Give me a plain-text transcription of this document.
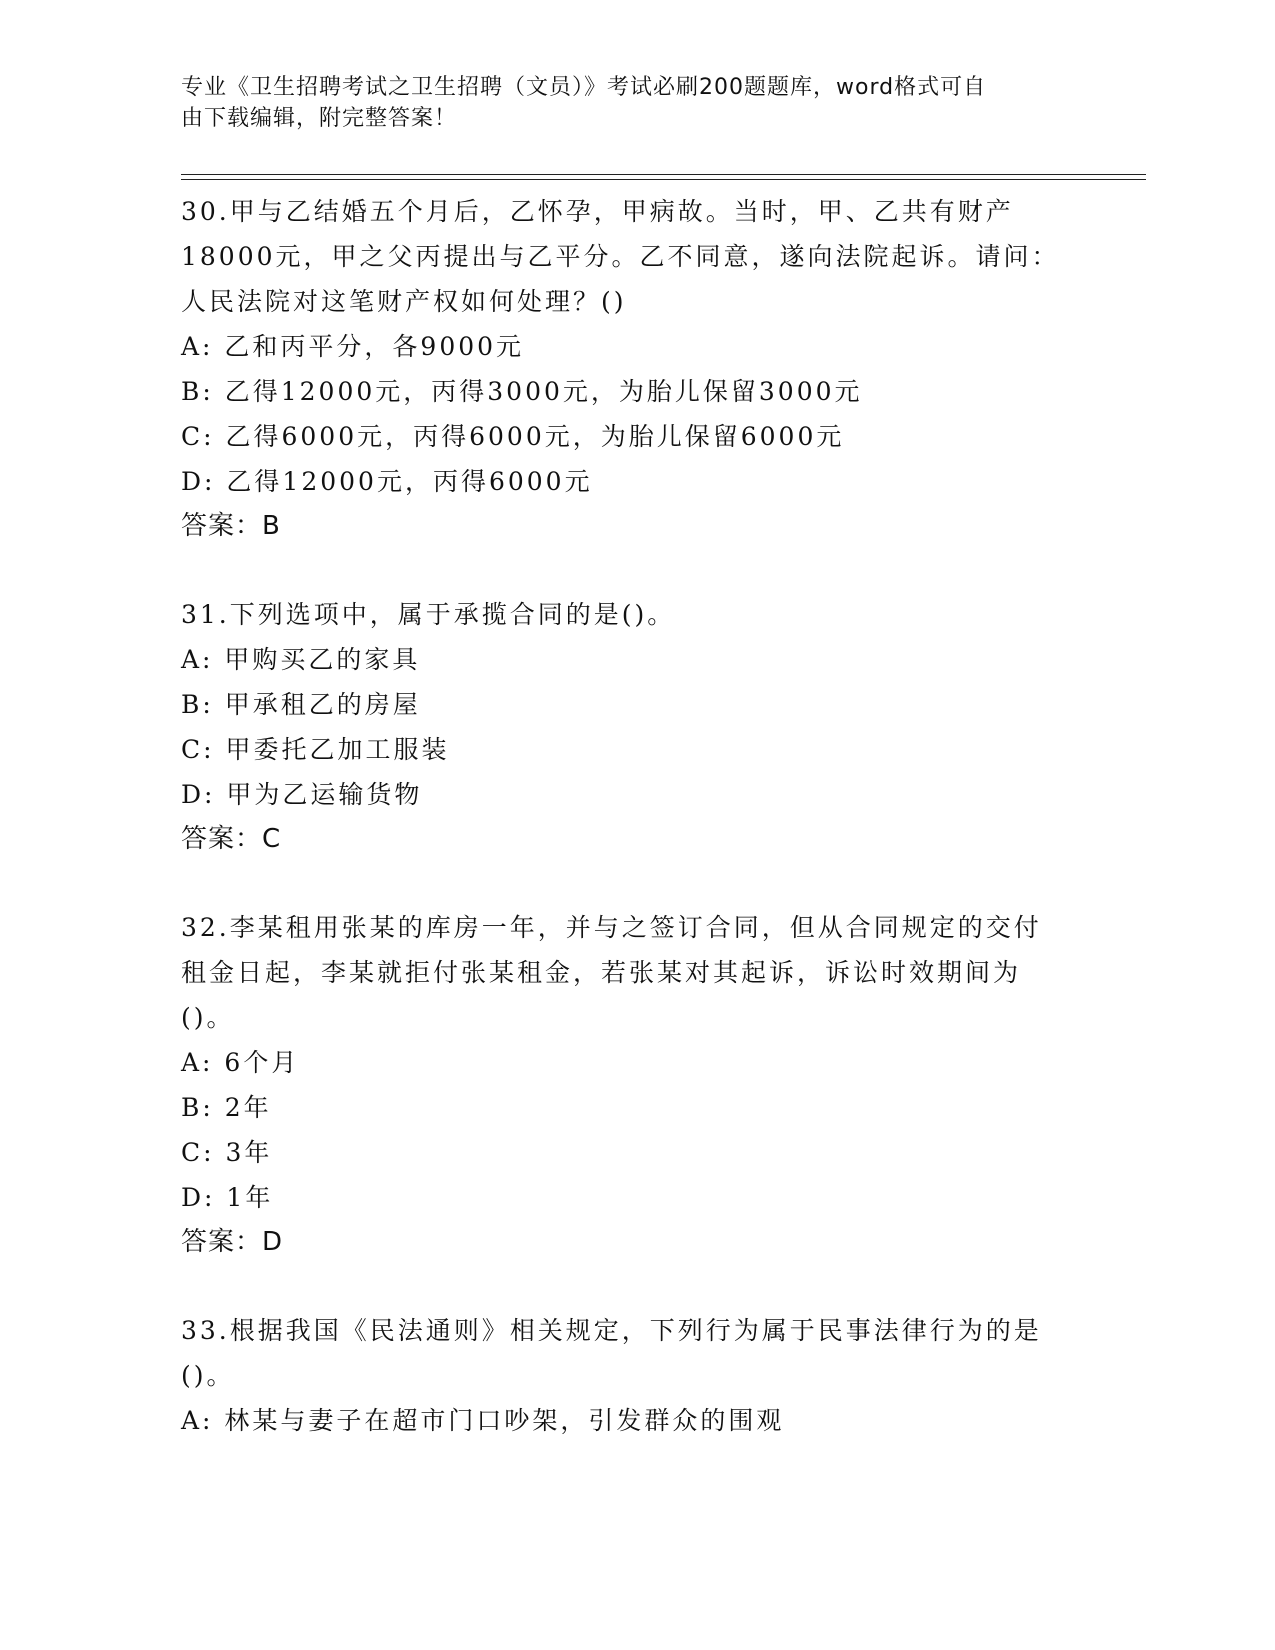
专业《卫生招聘考试之卫生招聘（文员）》考试必刷200题题库，word格式可自
由下载编辑，附完整答案！
30.甲与乙结婚五个月后，乙怀孕，甲病故。当时，甲、乙共有财产
18000元，甲之父丙提出与乙平分。乙不同意，遂向法院起诉。请问：
人民法院对这笔财产权如何处理？()
A: 乙和丙平分，各9000元
B: 乙得12000元，丙得3000元，为胎儿保留3000元
C: 乙得6000元，丙得6000元，为胎儿保留6000元
D: 乙得12000元，丙得6000元
答案：B
31.下列选项中，属于承揽合同的是()。
A: 甲购买乙的家具
B: 甲承租乙的房屋
C: 甲委托乙加工服装
D: 甲为乙运输货物
答案：C
32.李某租用张某的库房一年，并与之签订合同，但从合同规定的交付
租金日起，李某就拒付张某租金，若张某对其起诉，诉讼时效期间为
()。
A: 6个月
B: 2年
C: 3年
D: 1年
答案：D
33.根据我国《民法通则》相关规定，下列行为属于民事法律行为的是
()。
A: 林某与妻子在超市门口吵架，引发群众的围观
